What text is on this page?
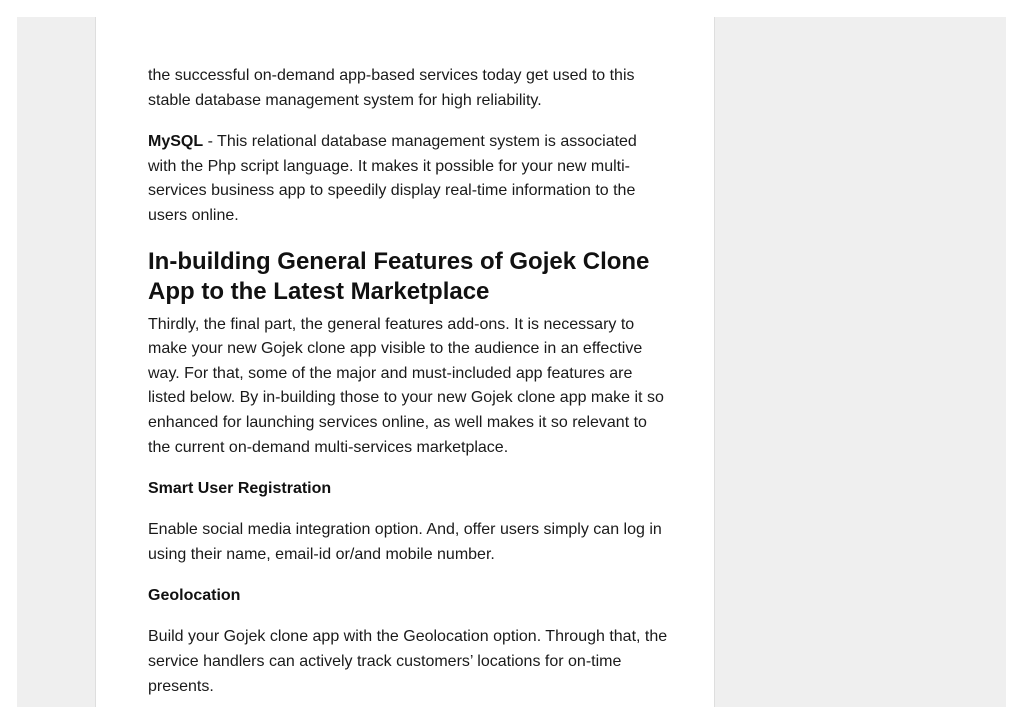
the successful on-demand app-based services today get used to this stable database management system for high reliability.

MySQL - This relational database management system is associated with the Php script language. It makes it possible for your new multi-services business app to speedily display real-time information to the users online.

In-building General Features of Gojek Clone App to the Latest Marketplace

Thirdly, the final part, the general features add-ons. It is necessary to make your new Gojek clone app visible to the audience in an effective way. For that, some of the major and must-included app features are listed below. By in-building those to your new Gojek clone app make it so enhanced for launching services online, as well makes it so relevant to the current on-demand multi-services marketplace.

Smart User Registration

Enable social media integration option. And, offer users simply can log in using their name, email-id or/and mobile number.

Geolocation

Build your Gojek clone app with the Geolocation option. Through that, the service handlers can actively track customers’ locations for on-time presents.
